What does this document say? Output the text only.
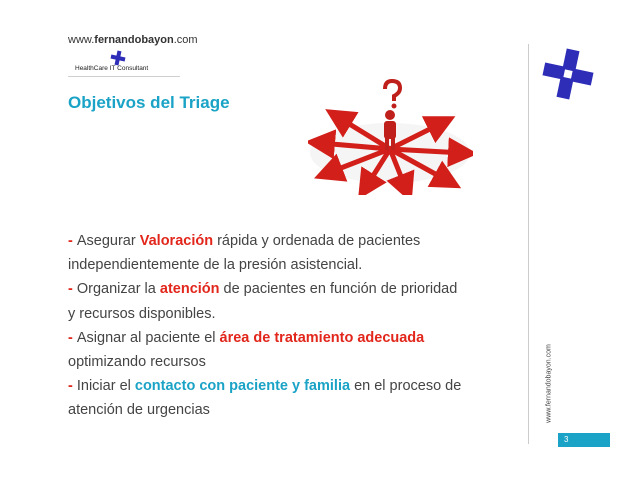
www.fernandobayon.com
HealthCare IT Consultant
Objetivos del Triage
www.fernandobayon.com
3
- Asegurar Valoración rápida y ordenada de pacientes
independientemente de la presión asistencial.
- Organizar la atención de pacientes en función de prioridad
y recursos disponibles.
- Asignar al paciente el área de tratamiento adecuada
optimizando recursos
- Iniciar el contacto con paciente y familia en el proceso de
atención de urgencias
